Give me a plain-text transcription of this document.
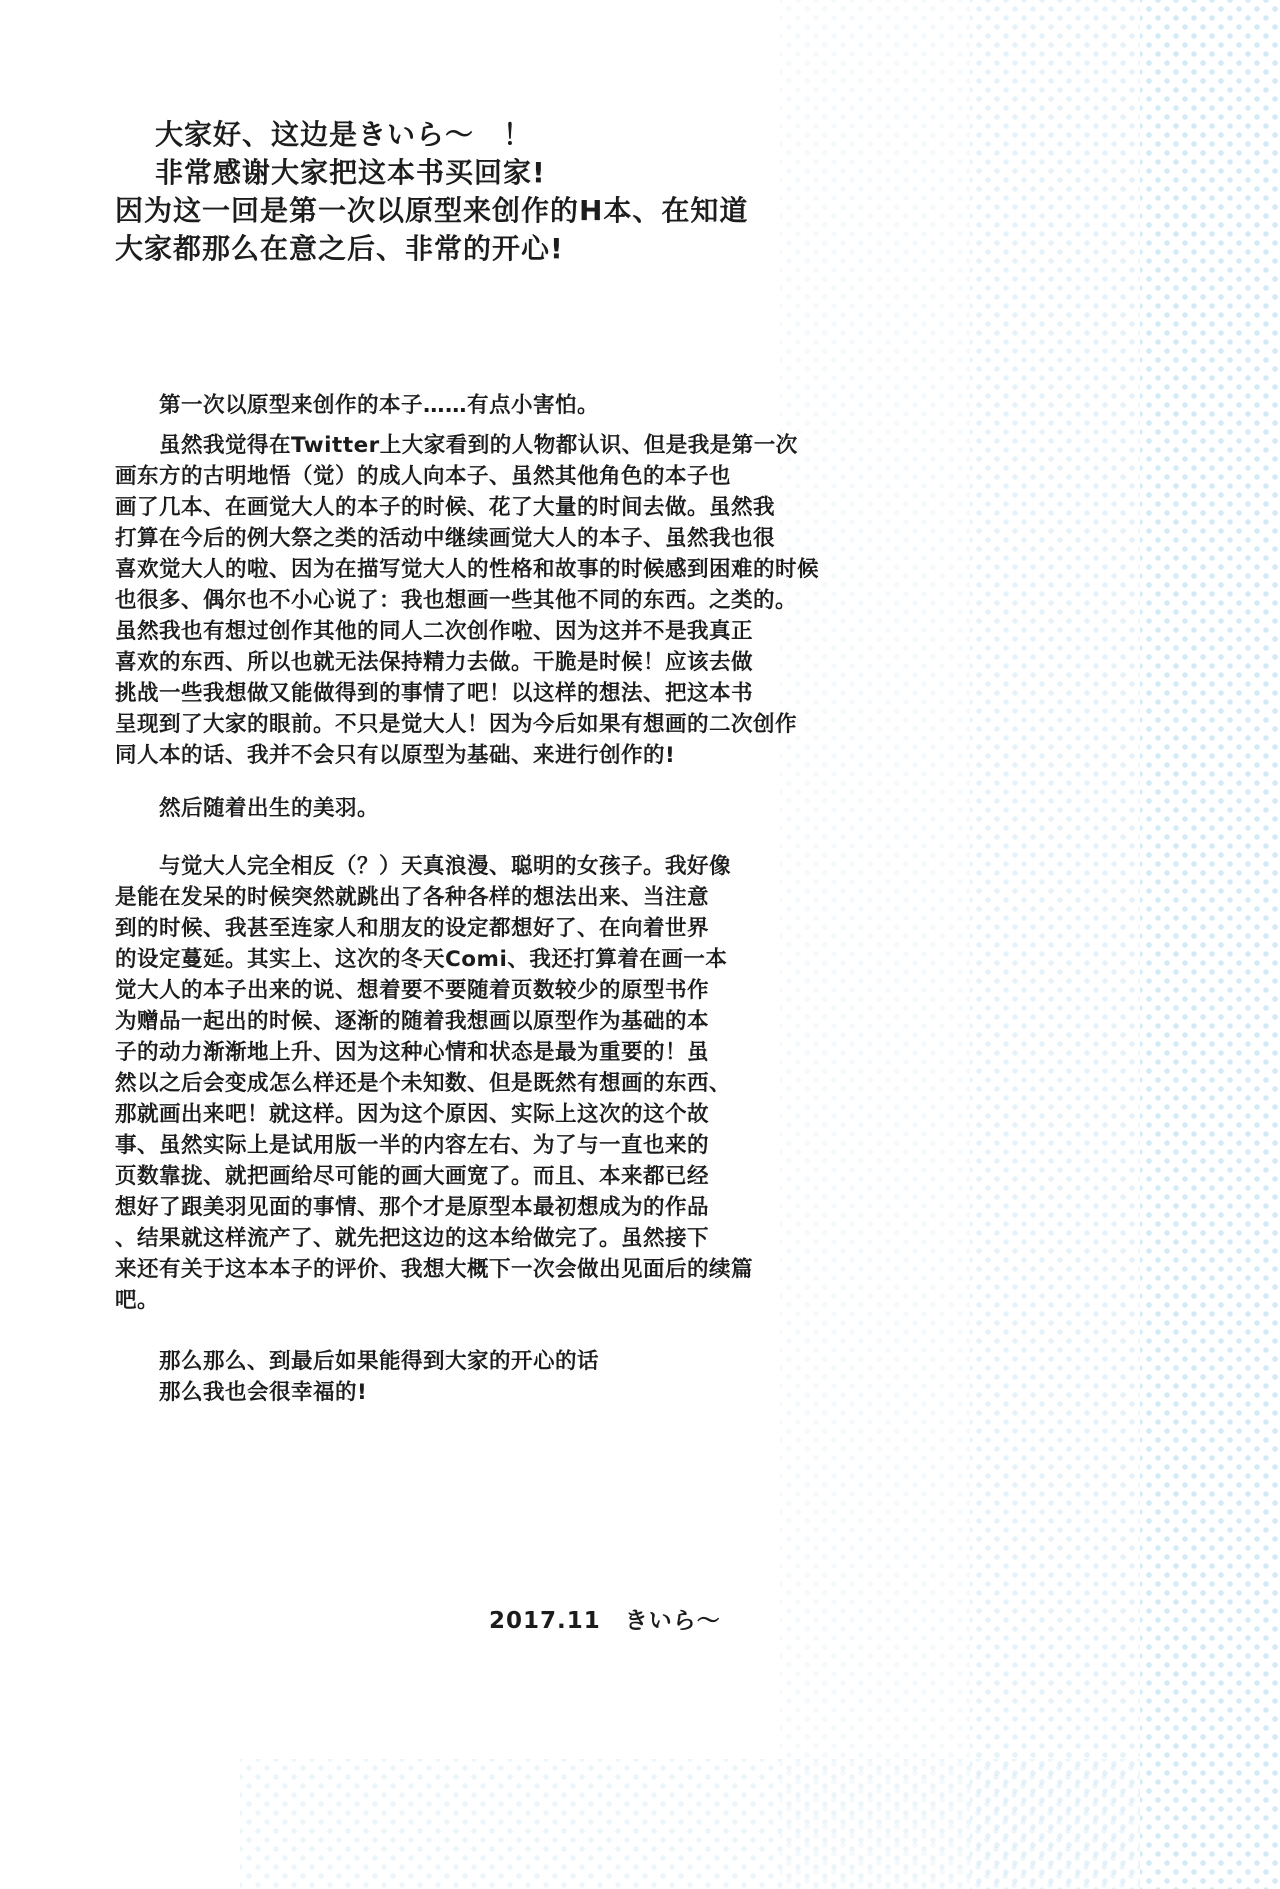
大家好、这边是きいら～　！
非常感谢大家把这本书买回家!
因为这一回是第一次以原型来创作的H本、在知道
大家都那么在意之后、非常的开心!
第一次以原型来创作的本子……有点小害怕。
虽然我觉得在Twitter上大家看到的人物都认识、但是我是第一次
画东方的古明地悟（觉）的成人向本子、虽然其他角色的本子也
画了几本、在画觉大人的本子的时候、花了大量的时间去做。虽然我
打算在今后的例大祭之类的活动中继续画觉大人的本子、虽然我也很
喜欢觉大人的啦、因为在描写觉大人的性格和故事的时候感到困难的时候
也很多、偶尔也不小心说了：我也想画一些其他不同的东西。之类的。
虽然我也有想过创作其他的同人二次创作啦、因为这并不是我真正
喜欢的东西、所以也就无法保持精力去做。干脆是时候！应该去做
挑战一些我想做又能做得到的事情了吧！以这样的想法、把这本书
呈现到了大家的眼前。不只是觉大人！因为今后如果有想画的二次创作
同人本的话、我并不会只有以原型为基础、来进行创作的!
然后随着出生的美羽。
与觉大人完全相反（？）天真浪漫、聪明的女孩子。我好像
是能在发呆的时候突然就跳出了各种各样的想法出来、当注意
到的时候、我甚至连家人和朋友的设定都想好了、在向着世界
的设定蔓延。其实上、这次的冬天Comi、我还打算着在画一本
觉大人的本子出来的说、想着要不要随着页数较少的原型书作
为赠品一起出的时候、逐渐的随着我想画以原型作为基础的本
子的动力渐渐地上升、因为这种心情和状态是最为重要的！虽
然以之后会变成怎么样还是个未知数、但是既然有想画的东西、
那就画出来吧！就这样。因为这个原因、实际上这次的这个故
事、虽然实际上是试用版一半的内容左右、为了与一直也来的
页数靠拢、就把画给尽可能的画大画宽了。而且、本来都已经
想好了跟美羽见面的事情、那个才是原型本最初想成为的作品
、结果就这样流产了、就先把这边的这本给做完了。虽然接下
来还有关于这本本子的评价、我想大概下一次会做出见面后的续篇
吧。
那么那么、到最后如果能得到大家的开心的话
那么我也会很幸福的!
2017.11　きいら～
